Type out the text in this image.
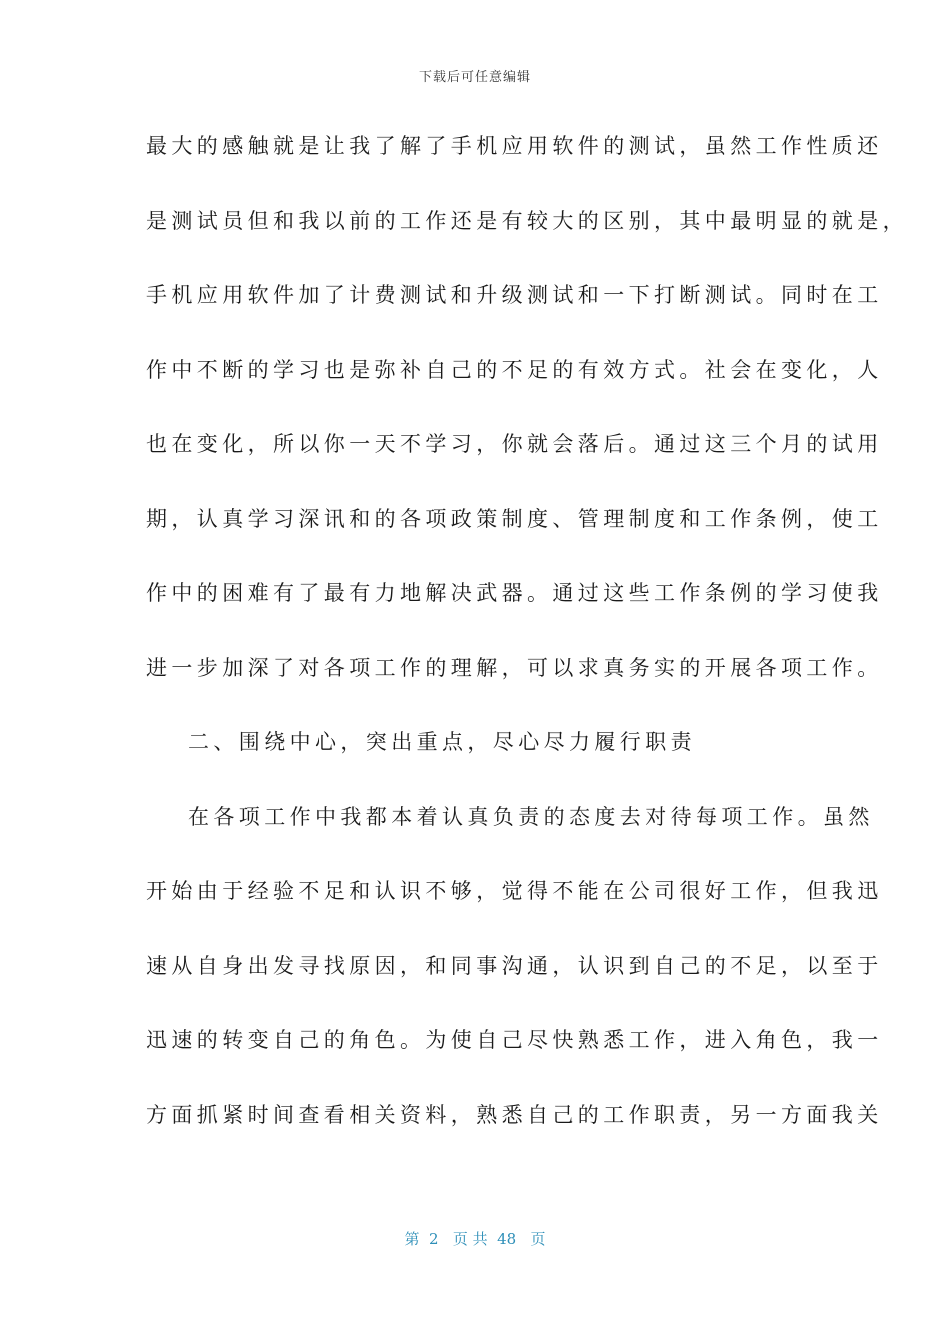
下载后可任意编辑
最大的感触就是让我了解了手机应用软件的测试，虽然工作性质还
是测试员但和我以前的工作还是有较大的区别，其中最明显的就是，
手机应用软件加了计费测试和升级测试和一下打断测试。同时在工
作中不断的学习也是弥补自己的不足的有效方式。社会在变化，人
也在变化，所以你一天不学习，你就会落后。通过这三个月的试用
期，认真学习深讯和的各项政策制度、管理制度和工作条例，使工
作中的困难有了最有力地解决武器。通过这些工作条例的学习使我
进一步加深了对各项工作的理解，可以求真务实的开展各项工作。
二、围绕中心，突出重点，尽心尽力履行职责
在各项工作中我都本着认真负责的态度去对待每项工作。虽然
开始由于经验不足和认识不够，觉得不能在公司很好工作，但我迅
速从自身出发寻找原因，和同事沟通，认识到自己的不足，以至于
迅速的转变自己的角色。为使自己尽快熟悉工作，进入角色，我一
方面抓紧时间查看相关资料，熟悉自己的工作职责，另一方面我关
第  2   页 共  48   页
